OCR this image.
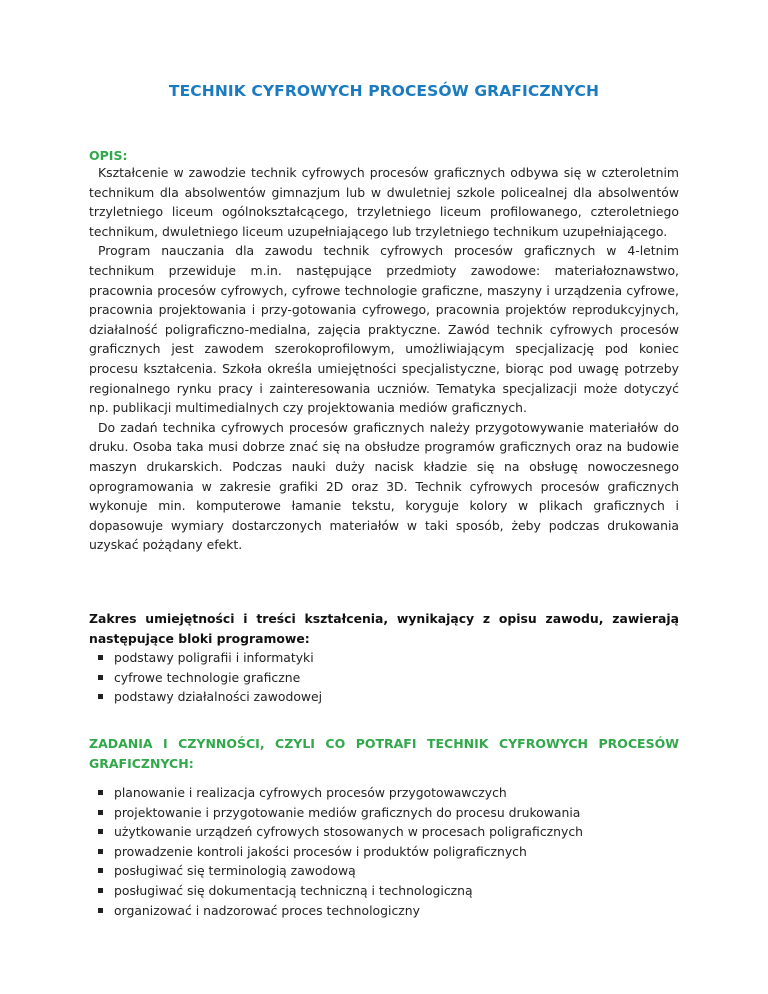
TECHNIK CYFROWYCH PROCESÓW GRAFICZNYCH

OPIS:

Kształcenie w zawodzie technik cyfrowych procesów graficznych odbywa się w czteroletnim technikum dla absolwentów gimnazjum lub w dwuletniej szkole policealnej dla absolwentów trzyletniego liceum ogólnokształcącego, trzyletniego liceum profilowanego, czteroletniego technikum, dwuletniego liceum uzupełniającego lub trzyletniego technikum uzupełniającego.

Program nauczania dla zawodu technik cyfrowych procesów graficznych w 4-letnim technikum przewiduje m.in. następujące przedmioty zawodowe: materiałoznawstwo, pracownia procesów cyfrowych, cyfrowe technologie graficzne, maszyny i urządzenia cyfrowe, pracownia projektowania i przy-gotowania cyfrowego, pracownia projektów reprodukcyjnych, działalność poligraficzno-medialna, zajęcia praktyczne. Zawód technik cyfrowych procesów graficznych jest zawodem szerokoprofilowym, umożliwiającym specjalizację pod koniec procesu kształcenia. Szkoła określa umiejętności specjalistyczne, biorąc pod uwagę potrzeby regionalnego rynku pracy i zainteresowania uczniów. Tematyka specjalizacji może dotyczyć np. publikacji multimedialnych czy projektowania mediów graficznych.

Do zadań technika cyfrowych procesów graficznych należy przygotowywanie materiałów do druku. Osoba taka musi dobrze znać się na obsłudze programów graficznych oraz na budowie maszyn drukarskich. Podczas nauki duży nacisk kładzie się na obsługę nowoczesnego oprogramowania w zakresie grafiki 2D oraz 3D. Technik cyfrowych procesów graficznych wykonuje min. komputerowe łamanie tekstu, koryguje kolory w plikach graficznych i dopasowuje wymiary dostarczonych materiałów w taki sposób, żeby podczas drukowania uzyskać pożądany efekt.

Zakres umiejętności i treści kształcenia, wynikający z opisu zawodu, zawierają następujące bloki programowe:

podstawy poligrafii i informatyki
cyfrowe technologie graficzne
podstawy działalności zawodowej

ZADANIA I CZYNNOŚCI, CZYLI CO POTRAFI TECHNIK CYFROWYCH PROCESÓW GRAFICZNYCH:

planowanie i realizacja cyfrowych procesów przygotowawczych
projektowanie i przygotowanie mediów graficznych do procesu drukowania
użytkowanie urządzeń cyfrowych stosowanych w procesach poligraficznych
prowadzenie kontroli jakości procesów i produktów poligraficznych
posługiwać się terminologią zawodową
posługiwać się dokumentacją techniczną i technologiczną
organizować i nadzorować proces technologiczny
